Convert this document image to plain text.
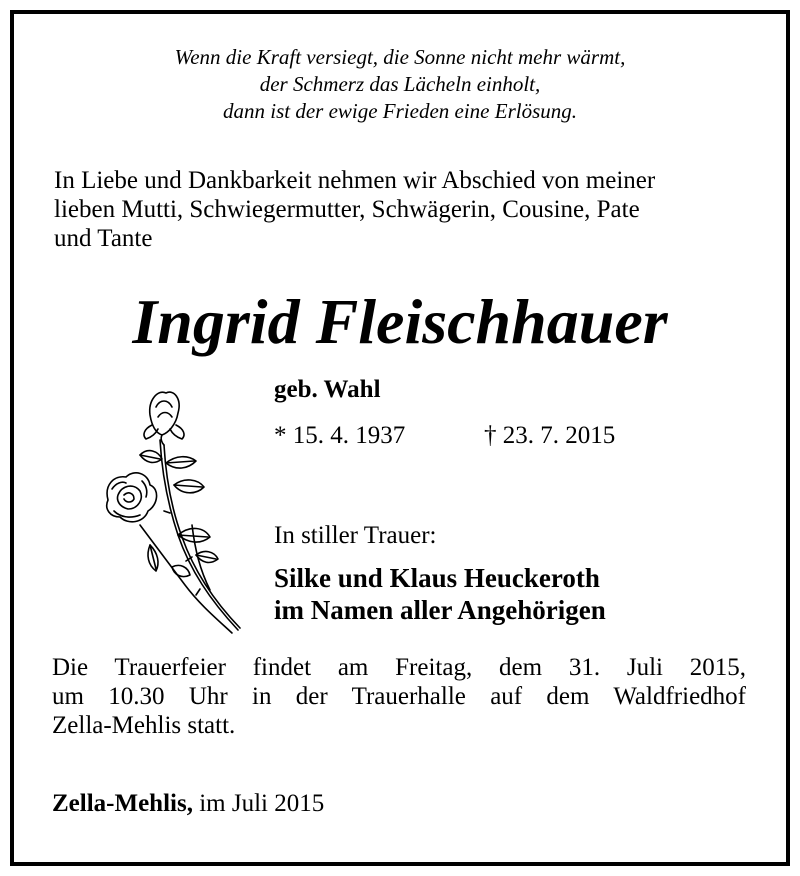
Wenn die Kraft versiegt, die Sonne nicht mehr wärmt,
der Schmerz das Lächeln einholt,
dann ist der ewige Frieden eine Erlösung.
In Liebe und Dankbarkeit nehmen wir Abschied von meiner
lieben Mutti, Schwiegermutter, Schwägerin, Cousine, Pate
und Tante
Ingrid Fleischhauer
geb. Wahl
* 15. 4. 1937	† 23. 7. 2015
In stiller Trauer:
Silke und Klaus Heuckeroth
im Namen aller Angehörigen
Die Trauerfeier findet am Freitag, dem 31. Juli 2015,
um 10.30 Uhr in der Trauerhalle auf dem Waldfriedhof
Zella-Mehlis statt.
Zella-Mehlis, im Juli 2015
